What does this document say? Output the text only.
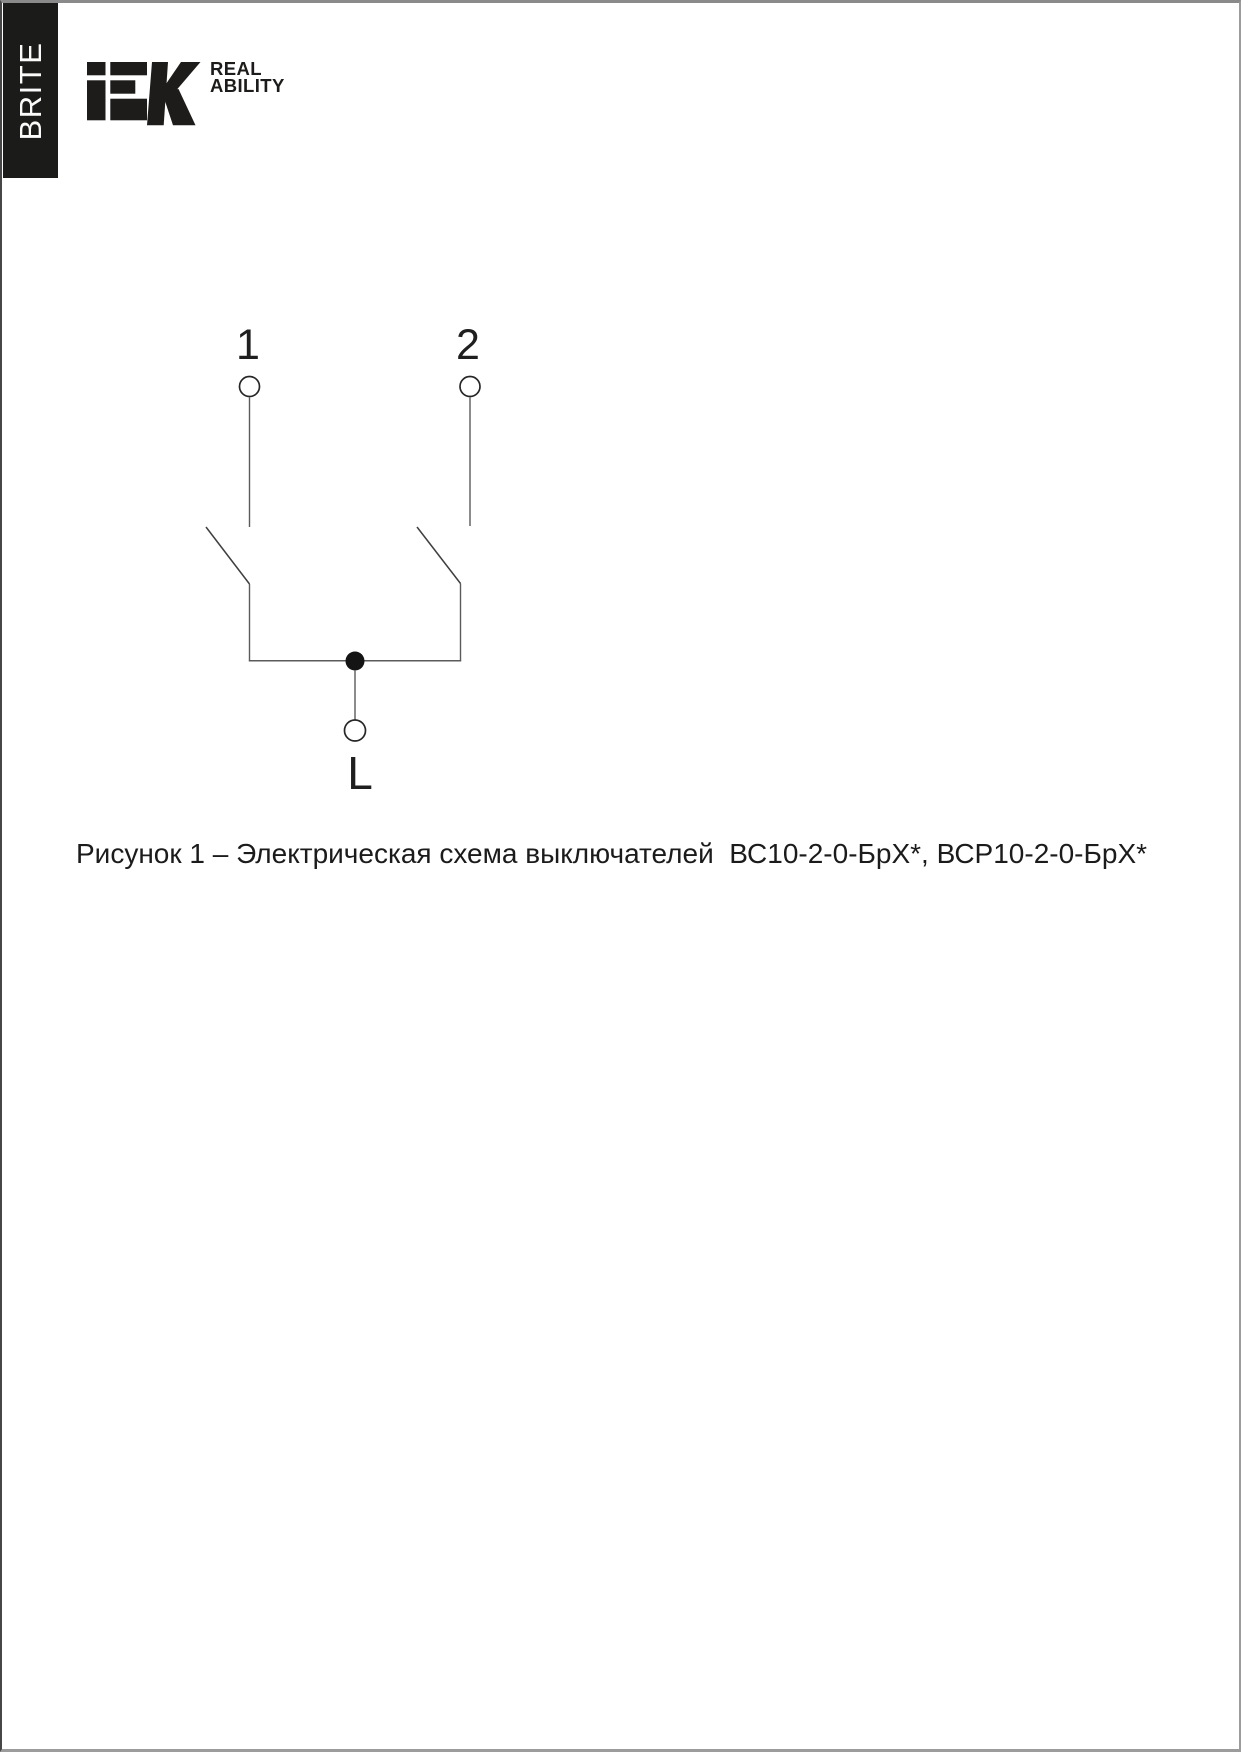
BRITE	REAL
ABILITY
1	2
L
Рисунок 1 – Электрическая схема выключателей  ВС10-2-0-БрХ*, ВСР10-2-0-БрХ*
